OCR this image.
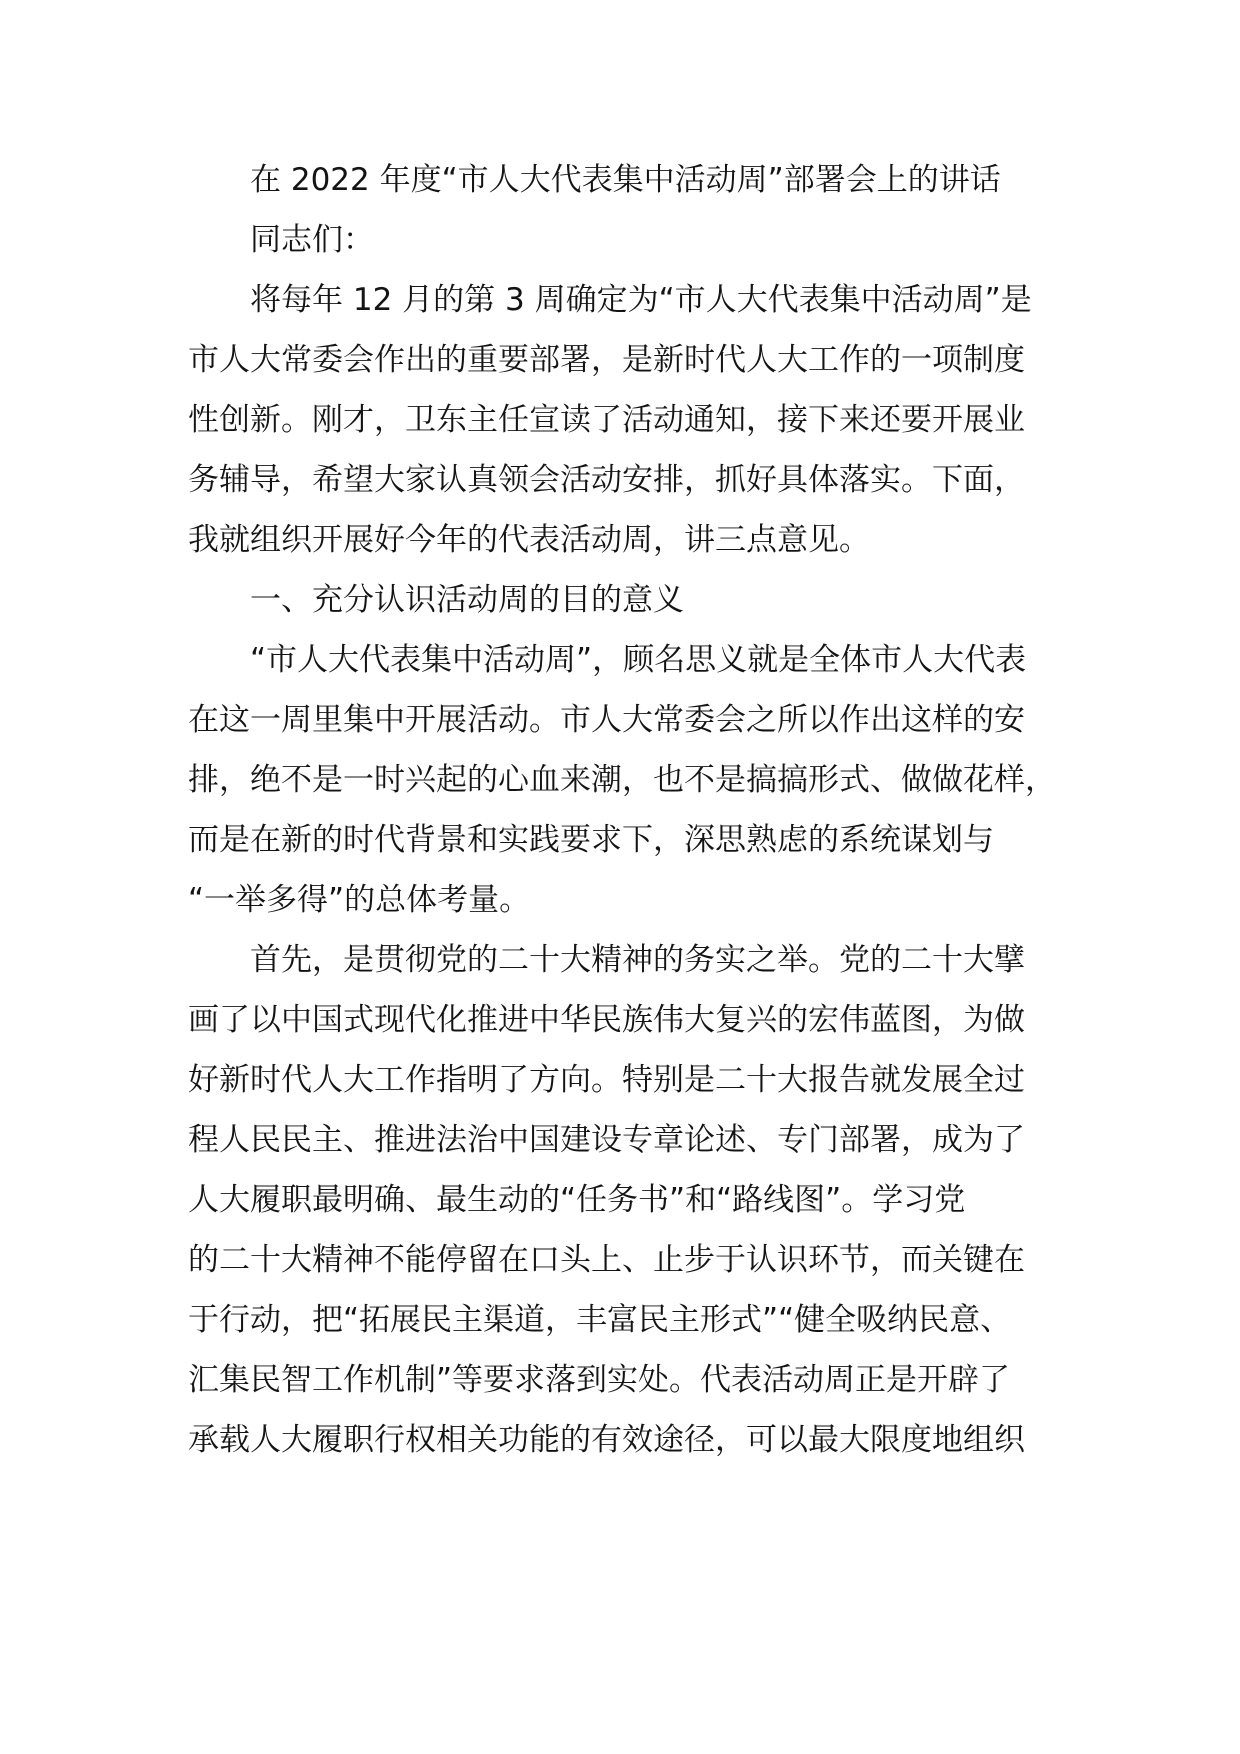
在 2022 年度“市人大代表集中活动周”部署会上的讲话
同志们：
将每年 12 月的第 3 周确定为“市人大代表集中活动周”是
市人大常委会作出的重要部署，是新时代人大工作的一项制度
性创新。刚才，卫东主任宣读了活动通知，接下来还要开展业
务辅导，希望大家认真领会活动安排，抓好具体落实。下面，
我就组织开展好今年的代表活动周，讲三点意见。
一、充分认识活动周的目的意义
“市人大代表集中活动周”，顾名思义就是全体市人大代表
在这一周里集中开展活动。市人大常委会之所以作出这样的安
排，绝不是一时兴起的心血来潮，也不是搞搞形式、做做花样，
而是在新的时代背景和实践要求下，深思熟虑的系统谋划与
“一举多得”的总体考量。
首先，是贯彻党的二十大精神的务实之举。党的二十大擘
画了以中国式现代化推进中华民族伟大复兴的宏伟蓝图，为做
好新时代人大工作指明了方向。特别是二十大报告就发展全过
程人民民主、推进法治中国建设专章论述、专门部署，成为了
人大履职最明确、最生动的“任务书”和“路线图”。学习党
的二十大精神不能停留在口头上、止步于认识环节，而关键在
于行动，把“拓展民主渠道，丰富民主形式”“健全吸纳民意、
汇集民智工作机制”等要求落到实处。代表活动周正是开辟了
承载人大履职行权相关功能的有效途径，可以最大限度地组织
